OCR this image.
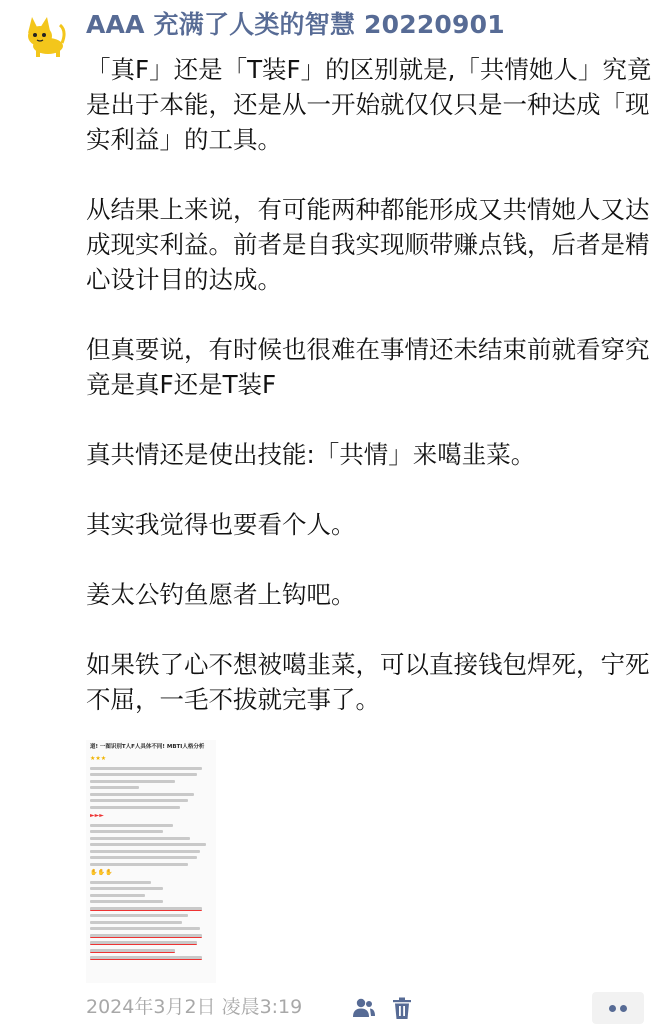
AAA 充满了人类的智慧 20220901

「真F」还是「T装F」的区别就是,「共情她人」究竟是出于本能，还是从一开始就仅仅只是一种达成「现实利益」的工具。

从结果上来说，有可能两种都能形成又共情她人又达成现实利益。前者是自我实现顺带赚点钱，后者是精心设计目的达成。

但真要说，有时候也很难在事情还未结束前就看穿究竟是真F还是T装F

真共情还是使出技能:「共情」来噶韭菜。

其实我觉得也要看个人。

姜太公钓鱼愿者上钩吧。

如果铁了心不想被噶韭菜，可以直接钱包焊死，宁死不屈，一毛不拔就完事了。

道! 一图识别T人F人具体不同! MBTI人格分析
★★★
►►►
✋✋✋
2024年3月2日 凌晨3:19
